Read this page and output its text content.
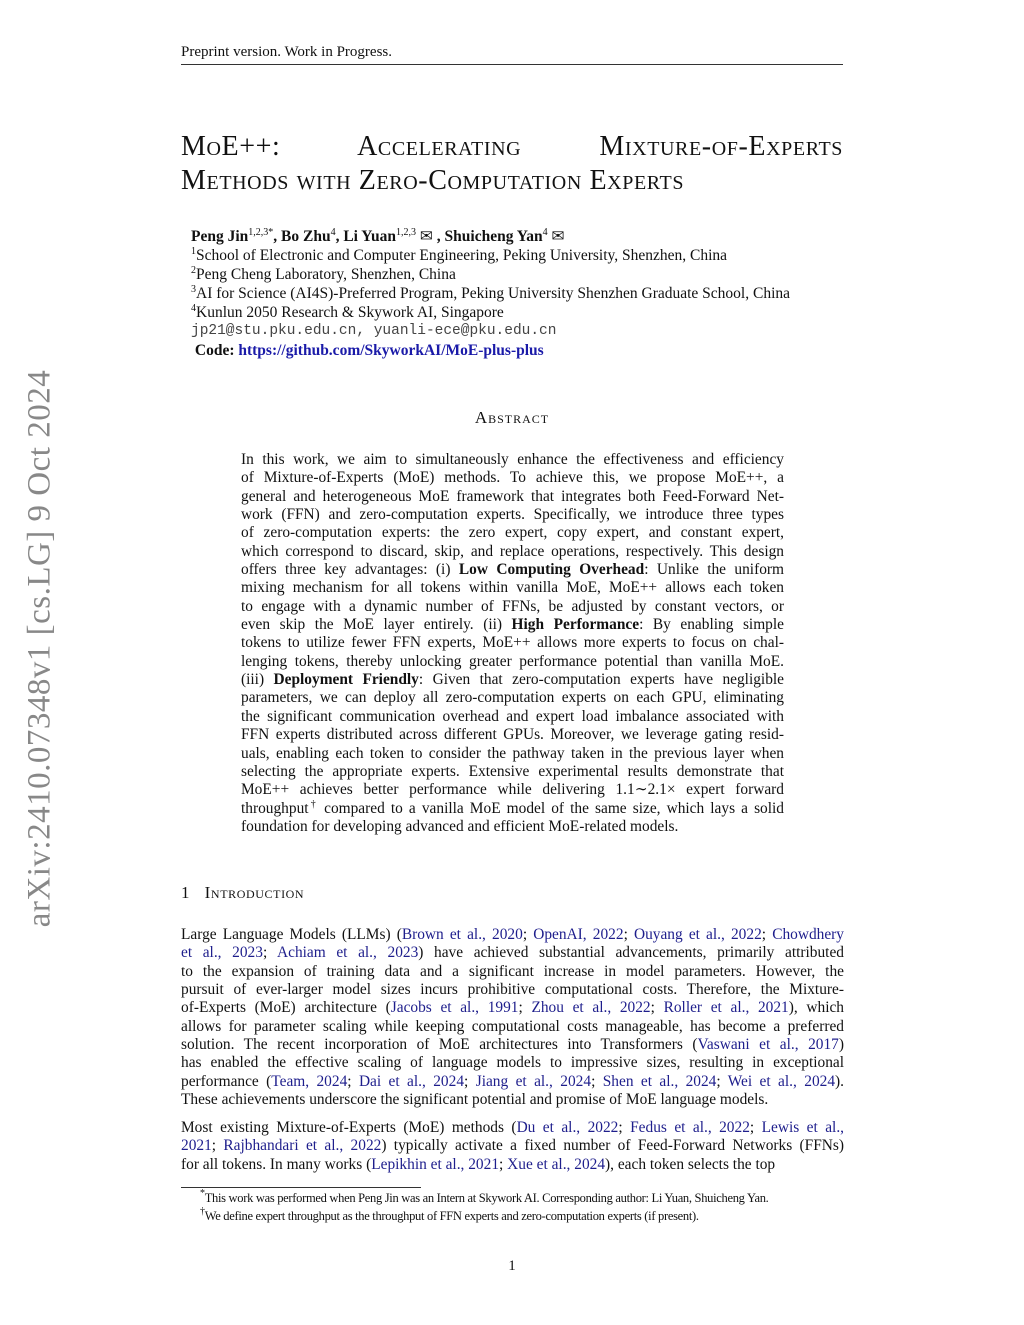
Preprint version. Work in Progress.
arXiv:2410.07348v1 [cs.LG] 9 Oct 2024
MoE++: Accelerating Mixture-of-Experts
Methods with Zero-Computation Experts
Peng Jin$^{1,2,3*}$, Bo Zhu$^4$, Li Yuan$^{1,2,3}$ ✉ , Shuicheng Yan$^4$ ✉
$^1$School of Electronic and Computer Engineering, Peking University, Shenzhen, China
$^2$Peng Cheng Laboratory, Shenzhen, China
$^3$AI for Science (AI4S)-Preferred Program, Peking University Shenzhen Graduate School, China
$^4$Kunlun 2050 Research & Skywork AI, Singapore
jp21@stu.pku.edu.cn, yuanli-ece@pku.edu.cn
Code: https://github.com/SkyworkAI/MoE-plus-plus
Abstract
In this work, we aim to simultaneously enhance the effectiveness and efficiency
of Mixture-of-Experts (MoE) methods. To achieve this, we propose MoE++, a
general and heterogeneous MoE framework that integrates both Feed-Forward Net-
work (FFN) and zero-computation experts. Specifically, we introduce three types
of zero-computation experts: the zero expert, copy expert, and constant expert,
which correspond to discard, skip, and replace operations, respectively. This design
offers three key advantages: (i) Low Computing Overhead: Unlike the uniform
mixing mechanism for all tokens within vanilla MoE, MoE++ allows each token
to engage with a dynamic number of FFNs, be adjusted by constant vectors, or
even skip the MoE layer entirely. (ii) High Performance: By enabling simple
tokens to utilize fewer FFN experts, MoE++ allows more experts to focus on chal-
lenging tokens, thereby unlocking greater performance potential than vanilla MoE.
(iii) Deployment Friendly: Given that zero-computation experts have negligible
parameters, we can deploy all zero-computation experts on each GPU, eliminating
the significant communication overhead and expert load imbalance associated with
FFN experts distributed across different GPUs. Moreover, we leverage gating resid-
uals, enabling each token to consider the pathway taken in the previous layer when
selecting the appropriate experts. Extensive experimental results demonstrate that
MoE++ achieves better performance while delivering 1.1∼2.1× expert forward
throughput† compared to a vanilla MoE model of the same size, which lays a solid
foundation for developing advanced and efficient MoE-related models.
1 Introduction
Large Language Models (LLMs) (Brown et al., 2020; OpenAI, 2022; Ouyang et al., 2022; Chowdhery
et al., 2023; Achiam et al., 2023) have achieved substantial advancements, primarily attributed
to the expansion of training data and a significant increase in model parameters. However, the
pursuit of ever-larger model sizes incurs prohibitive computational costs. Therefore, the Mixture-
of-Experts (MoE) architecture (Jacobs et al., 1991; Zhou et al., 2022; Roller et al., 2021), which
allows for parameter scaling while keeping computational costs manageable, has become a preferred
solution. The recent incorporation of MoE architectures into Transformers (Vaswani et al., 2017)
has enabled the effective scaling of language models to impressive sizes, resulting in exceptional
performance (Team, 2024; Dai et al., 2024; Jiang et al., 2024; Shen et al., 2024; Wei et al., 2024).
These achievements underscore the significant potential and promise of MoE language models.
Most existing Mixture-of-Experts (MoE) methods (Du et al., 2022; Fedus et al., 2022; Lewis et al.,
2021; Rajbhandari et al., 2022) typically activate a fixed number of Feed-Forward Networks (FFNs)
for all tokens. In many works (Lepikhin et al., 2021; Xue et al., 2024), each token selects the top
*This work was performed when Peng Jin was an Intern at Skywork AI. Corresponding author: Li Yuan, Shuicheng Yan.
†We define expert throughput as the throughput of FFN experts and zero-computation experts (if present).
1
